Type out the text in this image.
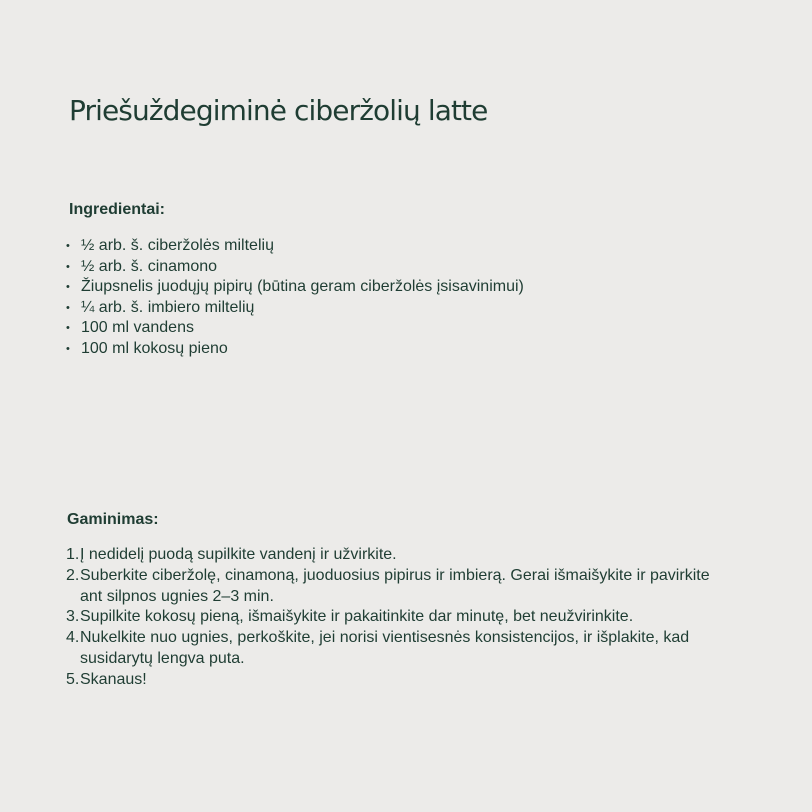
Priešuždegiminė ciberžolių latte
Ingredientai:
• ½ arb. š. ciberžolės miltelių
• ½ arb. š. cinamono
• Žiupsnelis juodųjų pipirų (būtina geram ciberžolės įsisavinimui)
• ¼ arb. š. imbiero miltelių
• 100 ml vandens
• 100 ml kokosų pieno
Gaminimas:
1. Į nedidelį puodą supilkite vandenį ir užvirkite.
2. Suberkite ciberžolę, cinamoną, juoduosius pipirus ir imbierą. Gerai išmaišykite ir pavirkite ant silpnos ugnies 2–3 min.
3. Supilkite kokosų pieną, išmaišykite ir pakaitinkite dar minutę, bet neužvirinkite.
4. Nukelkite nuo ugnies, perkoškite, jei norisi vientisesnės konsistencijos, ir išplakite, kad susidarytų lengva puta.
5. Skanaus!
